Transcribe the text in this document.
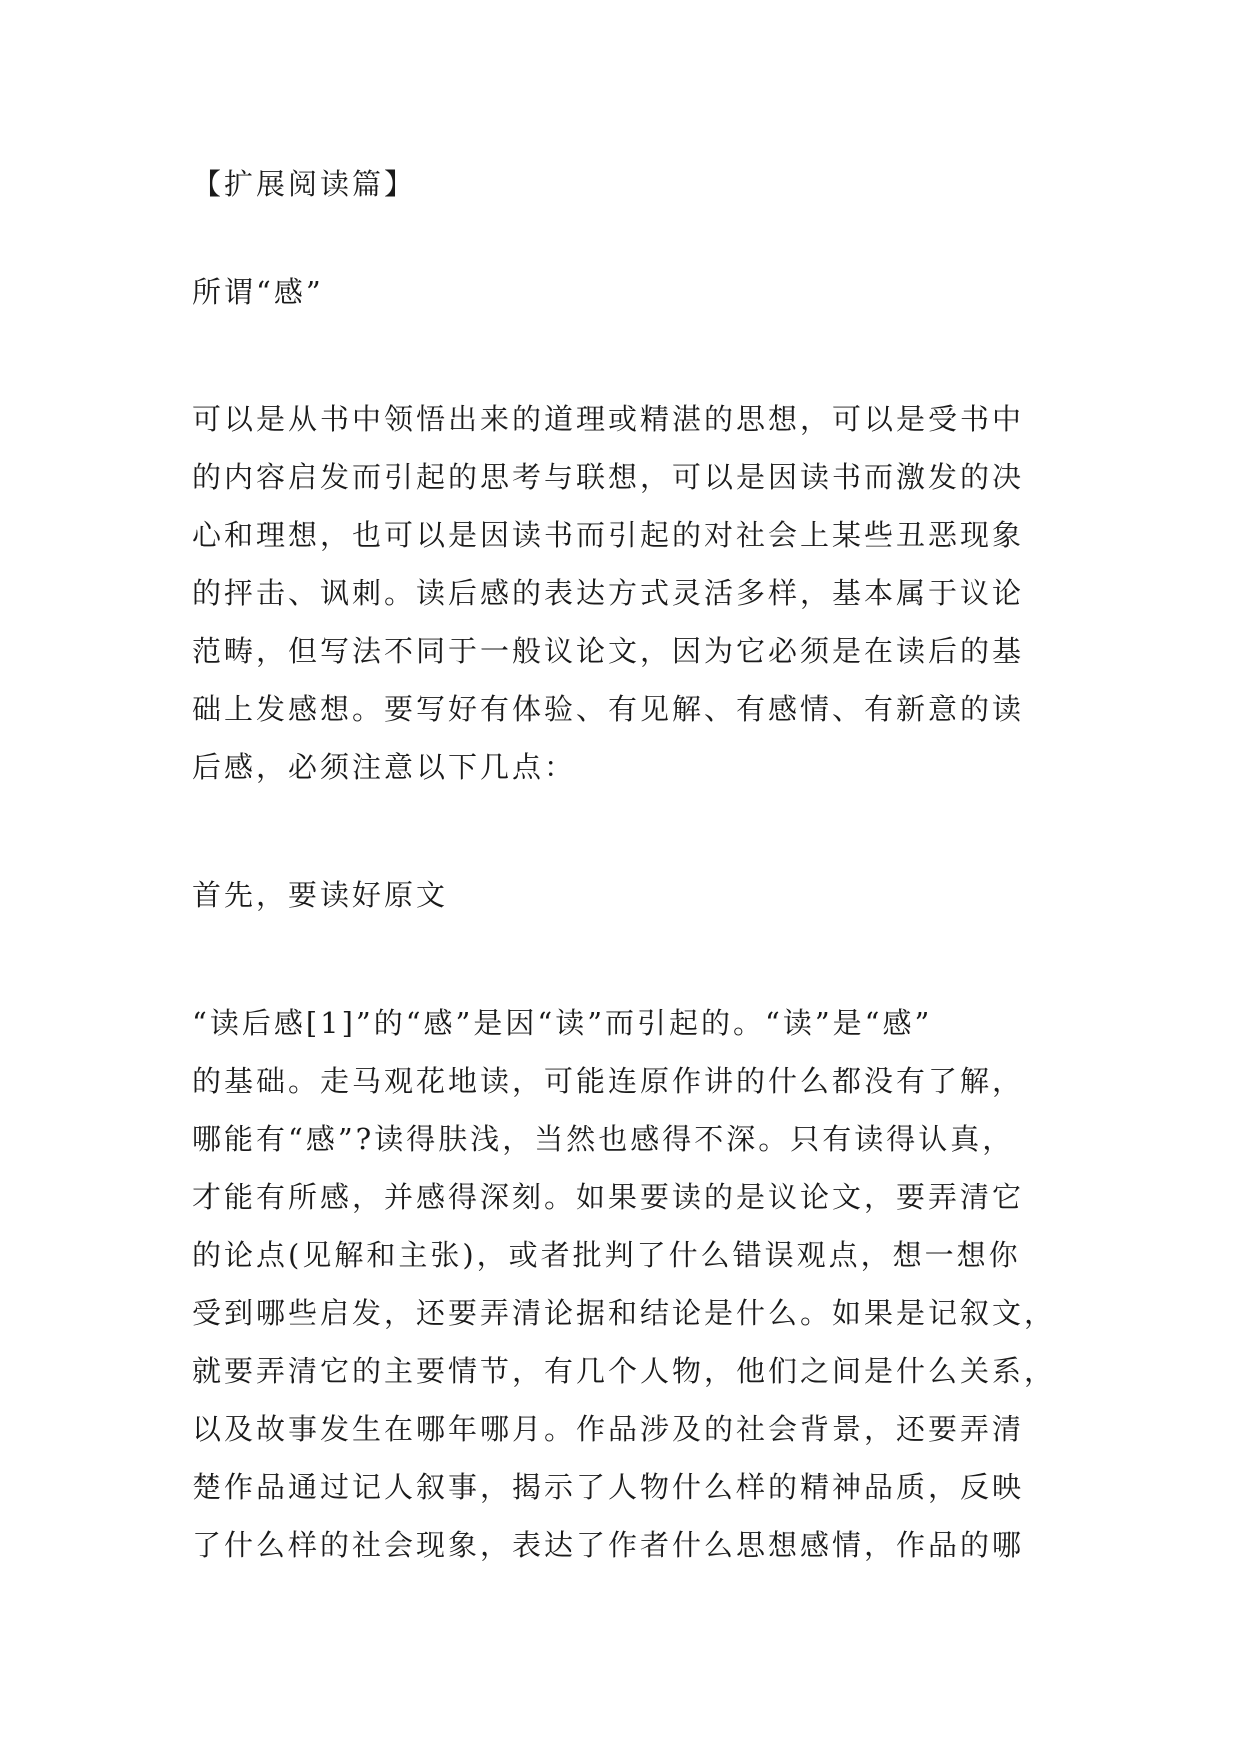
【扩展阅读篇】
所谓“感”
可以是从书中领悟出来的道理或精湛的思想，可以是受书中
的内容启发而引起的思考与联想，可以是因读书而激发的决
心和理想，也可以是因读书而引起的对社会上某些丑恶现象
的抨击、讽刺。读后感的表达方式灵活多样，基本属于议论
范畴，但写法不同于一般议论文，因为它必须是在读后的基
础上发感想。要写好有体验、有见解、有感情、有新意的读
后感，必须注意以下几点：
首先，要读好原文
“读后感[1]”的“感”是因“读”而引起的。“读”是“感”
的基础。走马观花地读，可能连原作讲的什么都没有了解，
哪能有“感”?读得肤浅，当然也感得不深。只有读得认真，
才能有所感，并感得深刻。如果要读的是议论文，要弄清它
的论点(见解和主张)，或者批判了什么错误观点，想一想你
受到哪些启发，还要弄清论据和结论是什么。如果是记叙文，
就要弄清它的主要情节，有几个人物，他们之间是什么关系，
以及故事发生在哪年哪月。作品涉及的社会背景，还要弄清
楚作品通过记人叙事，揭示了人物什么样的精神品质，反映
了什么样的社会现象，表达了作者什么思想感情，作品的哪
